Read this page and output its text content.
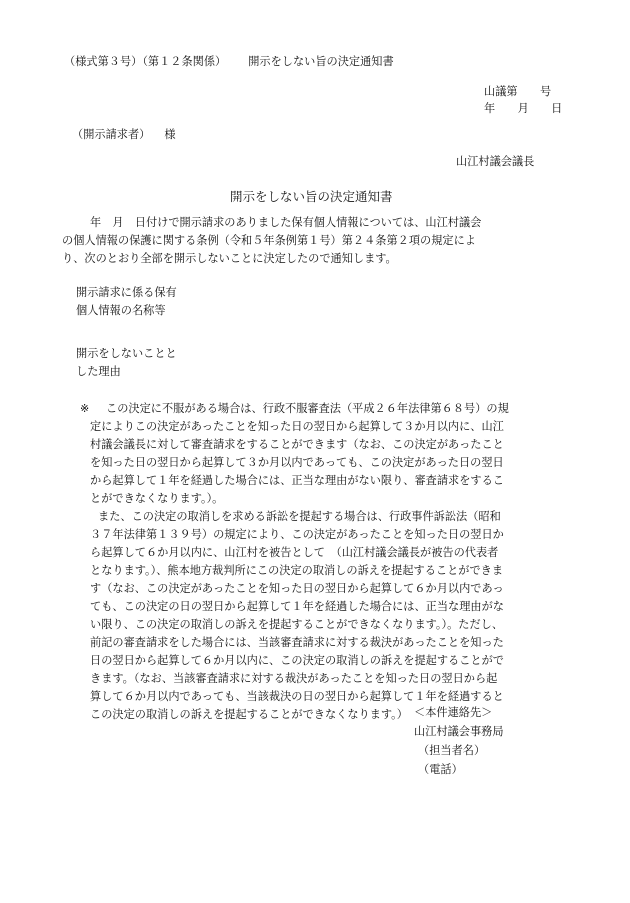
（様式第３号）（第１２条関係） 開示をしない旨の決定通知書
山議第　　号
年　　月　　日
（開示請求者） 様
山江村議会議長
開示をしない旨の決定通知書
年　月　日付けで開示請求のありました保有個人情報については、山江村議会
の個人情報の保護に関する条例（令和５年条例第１号）第２４条第２項の規定によ
り、次のとおり全部を開示しないことに決定したので通知します。
開示請求に係る保有
個人情報の名称等
開示をしないことと
した理由
※	この決定に不服がある場合は、行政不服審査法（平成２６年法律第６８号）の規
定によりこの決定があったことを知った日の翌日から起算して３か月以内に、山江
村議会議長に対して審査請求をすることができます（なお、この決定があったこと
を知った日の翌日から起算して３か月以内であっても、この決定があった日の翌日
から起算して１年を経過した場合には、正当な理由がない限り、審査請求をするこ
とができなくなります。）。
また、この決定の取消しを求める訴訟を提起する場合は、行政事件訴訟法（昭和
３７年法律第１３９号）の規定により、この決定があったことを知った日の翌日か
ら起算して６か月以内に、山江村を被告として　（山江村議会議長が被告の代表者
となります。）、熊本地方裁判所にこの決定の取消しの訴えを提起することができま
す（なお、この決定があったことを知った日の翌日から起算して６か月以内であっ
ても、この決定の日の翌日から起算して１年を経過した場合には、正当な理由がな
い限り、この決定の取消しの訴えを提起することができなくなります。）。ただし、
前記の審査請求をした場合には、当該審査請求に対する裁決があったことを知った
日の翌日から起算して６か月以内に、この決定の取消しの訴えを提起することがで
きます。（なお、当該審査請求に対する裁決があったことを知った日の翌日から起
算して６か月以内であっても、当該裁決の日の翌日から起算して１年を経過すると
この決定の取消しの訴えを提起することができなくなります。） ＜本件連絡先＞
山江村議会事務局
（担当者名）
（電話）
